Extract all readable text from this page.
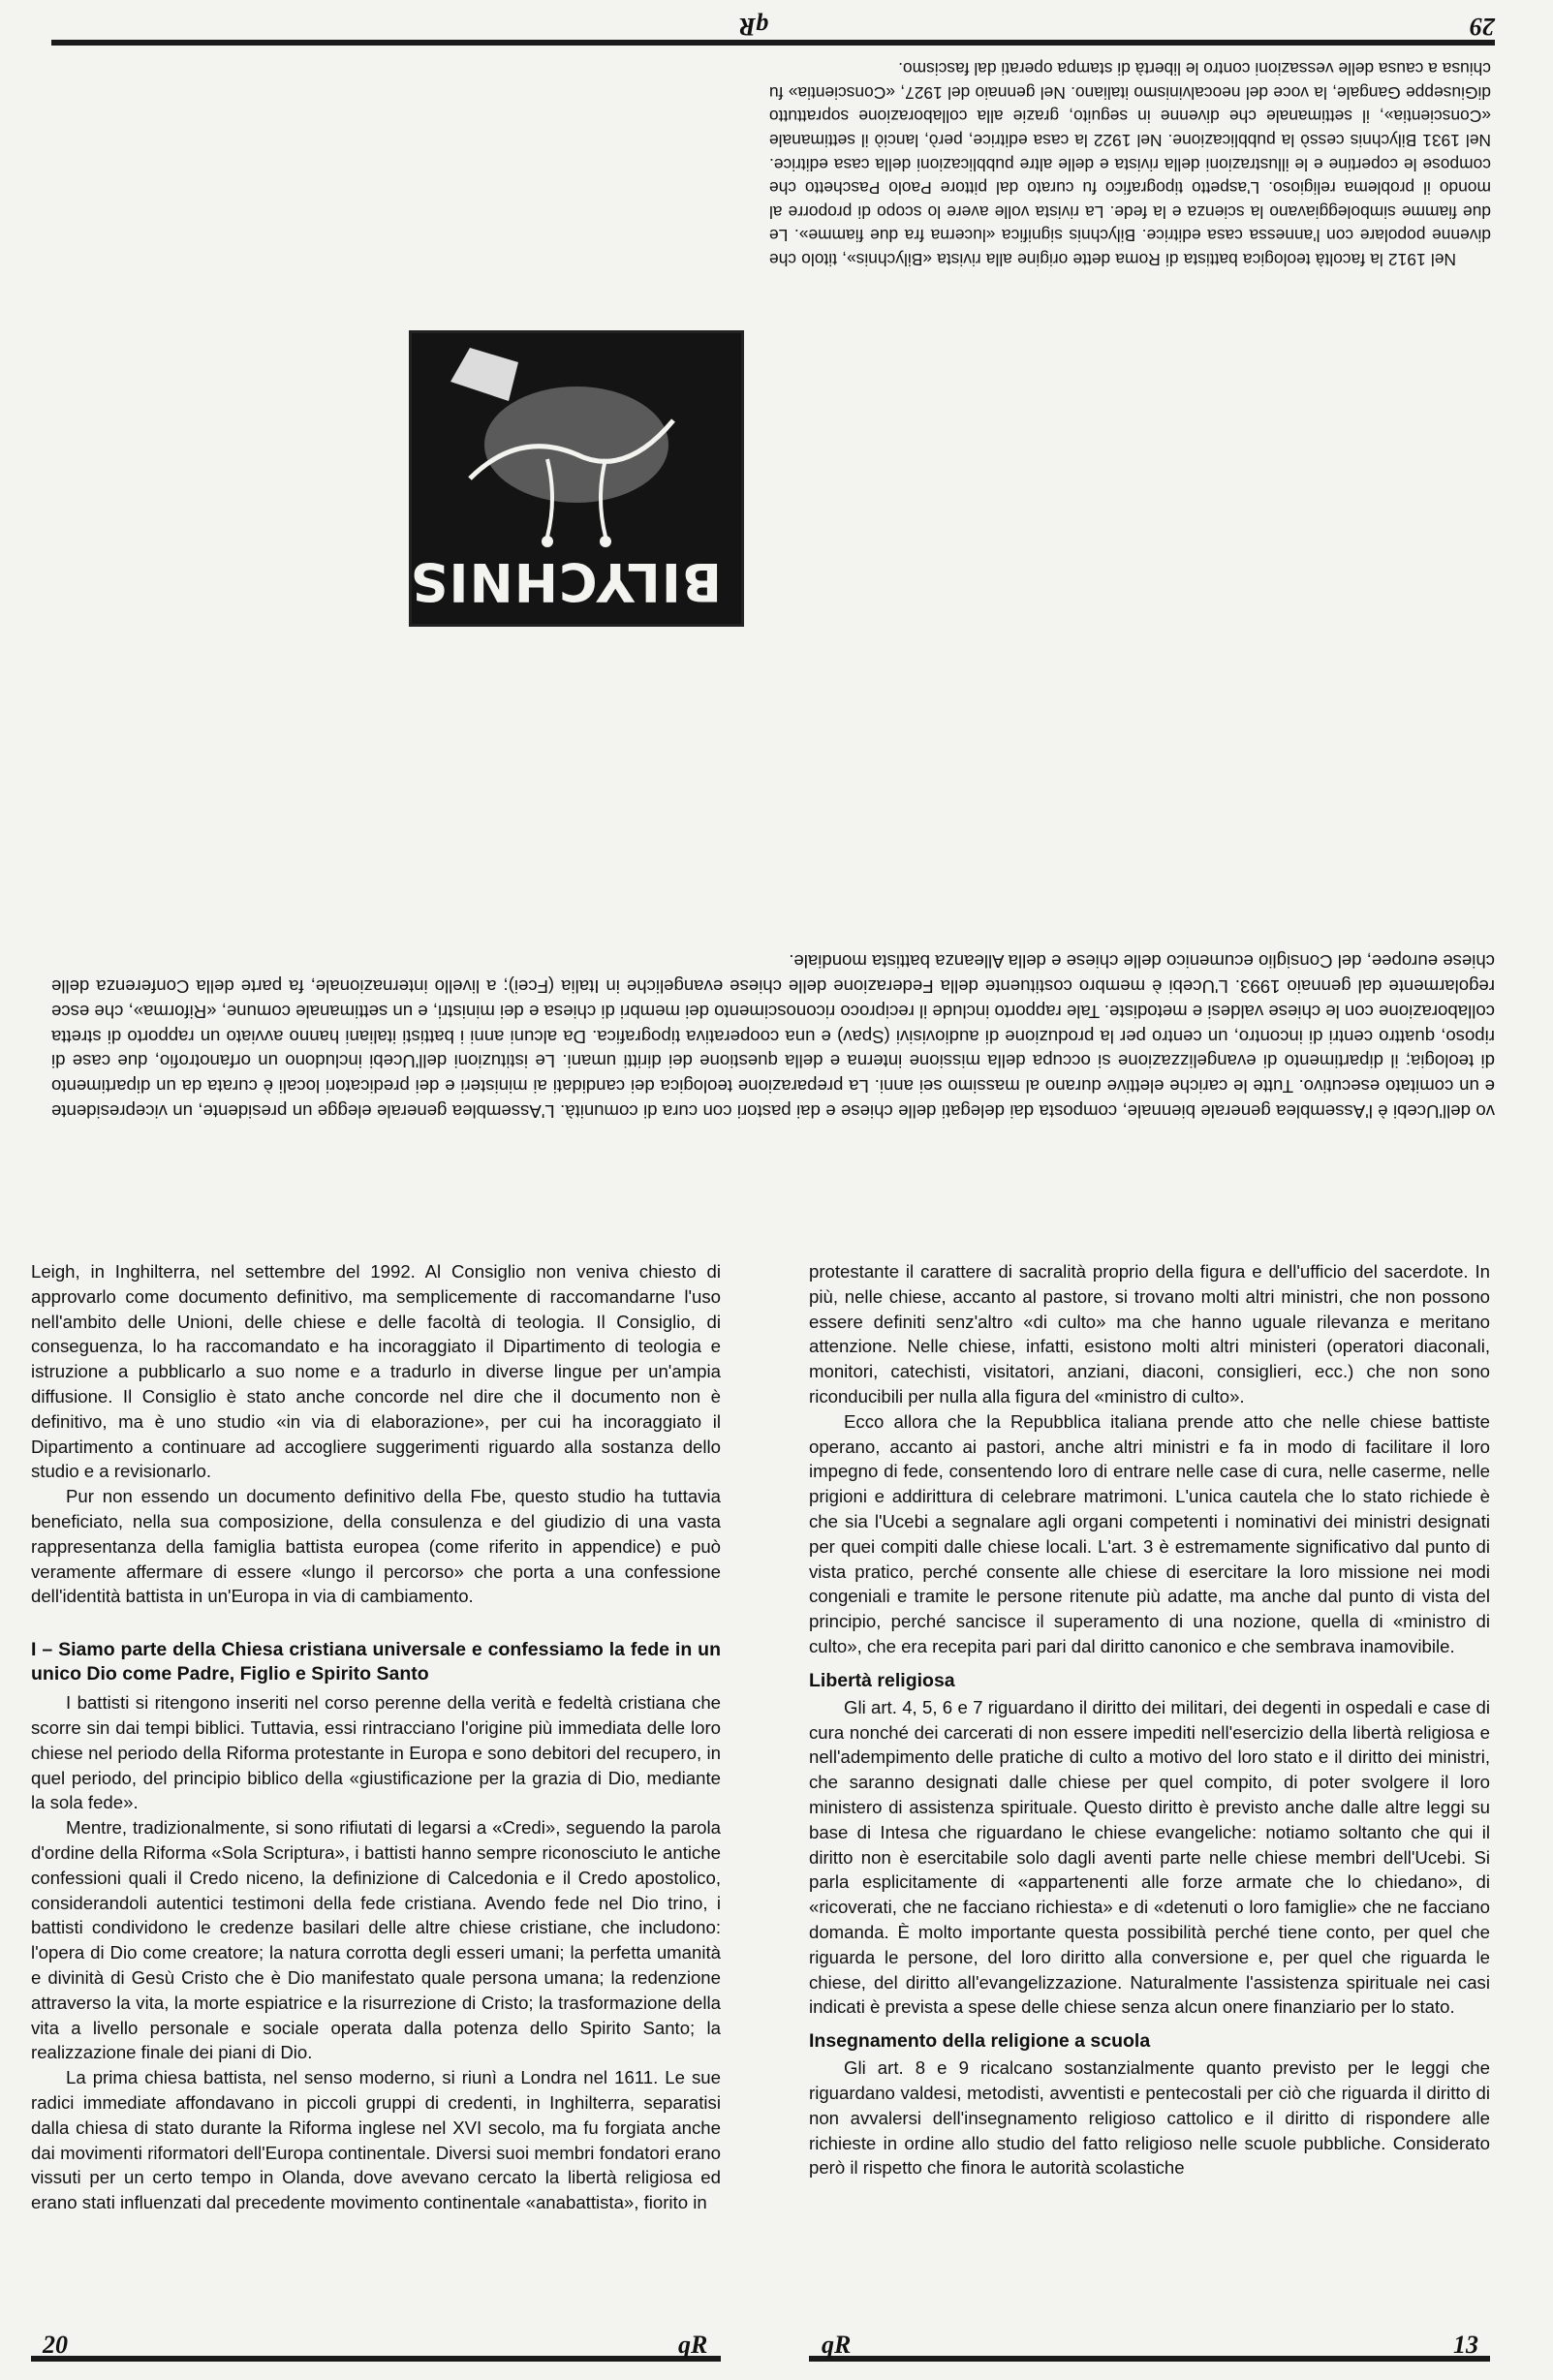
29
qR

Nel 1912 la facoltà teologica battista di Roma dette origine alla rivista «Bilychnis», titolo che divenne popolare con l'annessa casa editrice. Bilychnis significa «lucerna fra due fiamme». Le due fiamme simboleggiavano la scienza e la fede. La rivista volle avere lo scopo di proporre al mondo il problema religioso. L'aspetto tipografico fu curato dal pittore Paolo Paschetto che compose le copertine e le illustrazioni della rivista e delle altre pubblicazioni della casa editrice. Nel 1931 Bilychnis cessò la pubblicazione. Nel 1922 la casa editrice, però, lanciò il settimanale «Conscientia», il settimanale che divenne in seguito, grazie alla collaborazione soprattutto diGiuseppe Gangale, la voce del neocalvinismo italiano. Nel gennaio del 1927, «Conscientia» fu chiusa a causa delle vessazioni contro le libertà di stampa operati dal fascismo.

BILYCHNIS

vo dell'Ucebi è l'Assemblea generale biennale, composta dai delegati delle chiese e dai pastori con cura di comunità. L'Assemblea generale elegge un presidente, un vicepresidente e un comitato esecutivo. Tutte le cariche elettive durano al massimo sei anni. La preparazione teologica dei candidati ai ministeri e dei predicatori locali è curata da un dipartimento di teologia; il dipartimento di evangelizzazione si occupa della missione interna e della questione dei diritti umani. Le istituzioni dell'Ucebi includono un orfanotrofio, due case di riposo, quattro centri di incontro, un centro per la produzione di audiovisivi (Spav) e una cooperativa tipografica. Da alcuni anni i battisti italiani hanno avviato un rapporto di stretta collaborazione con le chiese valdesi e metodiste. Tale rapporto include il reciproco riconoscimento dei membri di chiesa e dei ministri, e un settimanale comune, «Riforma», che esce regolarmente dal gennaio 1993. L'Ucebi è membro costituente della Federazione delle chiese evangeliche in Italia (Fcei); a livello internazionale, fa parte della Conferenza delle chiese europee, del Consiglio ecumenico delle chiese e della Alleanza battista mondiale.

Leigh, in Inghilterra, nel settembre del 1992. Al Consiglio non veniva chiesto di approvarlo come documento definitivo, ma semplicemente di raccomandarne l'uso nell'ambito delle Unioni, delle chiese e delle facoltà di teologia. Il Consiglio, di conseguenza, lo ha raccomandato e ha incoraggiato il Dipartimento di teologia e istruzione a pubblicarlo a suo nome e a tradurlo in diverse lingue per un'ampia diffusione. Il Consiglio è stato anche concorde nel dire che il documento non è definitivo, ma è uno studio «in via di elaborazione», per cui ha incoraggiato il Dipartimento a continuare ad accogliere suggerimenti riguardo alla sostanza dello studio e a revisionarlo.

Pur non essendo un documento definitivo della Fbe, questo studio ha tuttavia beneficiato, nella sua composizione, della consulenza e del giudizio di una vasta rappresentanza della famiglia battista europea (come riferito in appendice) e può veramente affermare di essere «lungo il percorso» che porta a una confessione dell'identità battista in un'Europa in via di cambiamento.

I – Siamo parte della Chiesa cristiana universale e confessiamo la fede in un unico Dio come Padre, Figlio e Spirito Santo

I battisti si ritengono inseriti nel corso perenne della verità e fedeltà cristiana che scorre sin dai tempi biblici. Tuttavia, essi rintracciano l'origine più immediata delle loro chiese nel periodo della Riforma protestante in Europa e sono debitori del recupero, in quel periodo, del principio biblico della «giustificazione per la grazia di Dio, mediante la sola fede».

Mentre, tradizionalmente, si sono rifiutati di legarsi a «Credi», seguendo la parola d'ordine della Riforma «Sola Scriptura», i battisti hanno sempre riconosciuto le antiche confessioni quali il Credo niceno, la definizione di Calcedonia e il Credo apostolico, considerandoli autentici testimoni della fede cristiana. Avendo fede nel Dio trino, i battisti condividono le credenze basilari delle altre chiese cristiane, che includono: l'opera di Dio come creatore; la natura corrotta degli esseri umani; la perfetta umanità e divinità di Gesù Cristo che è Dio manifestato quale persona umana; la redenzione attraverso la vita, la morte espiatrice e la risurrezione di Cristo; la trasformazione della vita a livello personale e sociale operata dalla potenza dello Spirito Santo; la realizzazione finale dei piani di Dio.

La prima chiesa battista, nel senso moderno, si riunì a Londra nel 1611. Le sue radici immediate affondavano in piccoli gruppi di credenti, in Inghilterra, separatisi dalla chiesa di stato durante la Riforma inglese nel XVI secolo, ma fu forgiata anche dai movimenti riformatori dell'Europa continentale. Diversi suoi membri fondatori erano vissuti per un certo tempo in Olanda, dove avevano cercato la libertà religiosa ed erano stati influenzati dal precedente movimento continentale «anabattista», fiorito in

protestante il carattere di sacralità proprio della figura e dell'ufficio del sacerdote. In più, nelle chiese, accanto al pastore, si trovano molti altri ministri, che non possono essere definiti senz'altro «di culto» ma che hanno uguale rilevanza e meritano attenzione. Nelle chiese, infatti, esistono molti altri ministeri (operatori diaconali, monitori, catechisti, visitatori, anziani, diaconi, consiglieri, ecc.) che non sono riconducibili per nulla alla figura del «ministro di culto».

Ecco allora che la Repubblica italiana prende atto che nelle chiese battiste operano, accanto ai pastori, anche altri ministri e fa in modo di facilitare il loro impegno di fede, consentendo loro di entrare nelle case di cura, nelle caserme, nelle prigioni e addirittura di celebrare matrimoni. L'unica cautela che lo stato richiede è che sia l'Ucebi a segnalare agli organi competenti i nominativi dei ministri designati per quei compiti dalle chiese locali. L'art. 3 è estremamente significativo dal punto di vista pratico, perché consente alle chiese di esercitare la loro missione nei modi congeniali e tramite le persone ritenute più adatte, ma anche dal punto di vista del principio, perché sancisce il superamento di una nozione, quella di «ministro di culto», che era recepita pari pari dal diritto canonico e che sembrava inamovibile.

Libertà religiosa

Gli art. 4, 5, 6 e 7 riguardano il diritto dei militari, dei degenti in ospedali e case di cura nonché dei carcerati di non essere impediti nell'esercizio della libertà religiosa e nell'adempimento delle pratiche di culto a motivo del loro stato e il diritto dei ministri, che saranno designati dalle chiese per quel compito, di poter svolgere il loro ministero di assistenza spirituale. Questo diritto è previsto anche dalle altre leggi su base di Intesa che riguardano le chiese evangeliche: notiamo soltanto che qui il diritto non è esercitabile solo dagli aventi parte nelle chiese membri dell'Ucebi. Si parla esplicitamente di «appartenenti alle forze armate che lo chiedano», di «ricoverati, che ne facciano richiesta» e di «detenuti o loro famiglie» che ne facciano domanda. È molto importante questa possibilità perché tiene conto, per quel che riguarda le persone, del loro diritto alla conversione e, per quel che riguarda le chiese, del diritto all'evangelizzazione. Naturalmente l'assistenza spirituale nei casi indicati è prevista a spese delle chiese senza alcun onere finanziario per lo stato.

Insegnamento della religione a scuola

Gli art. 8 e 9 ricalcano sostanzialmente quanto previsto per le leggi che riguardano valdesi, metodisti, avventisti e pentecostali per ciò che riguarda il diritto di non avvalersi dell'insegnamento religioso cattolico e il diritto di rispondere alle richieste in ordine allo studio del fatto religioso nelle scuole pubbliche. Considerato però il rispetto che finora le autorità scolastiche

20	qR	qR	13
